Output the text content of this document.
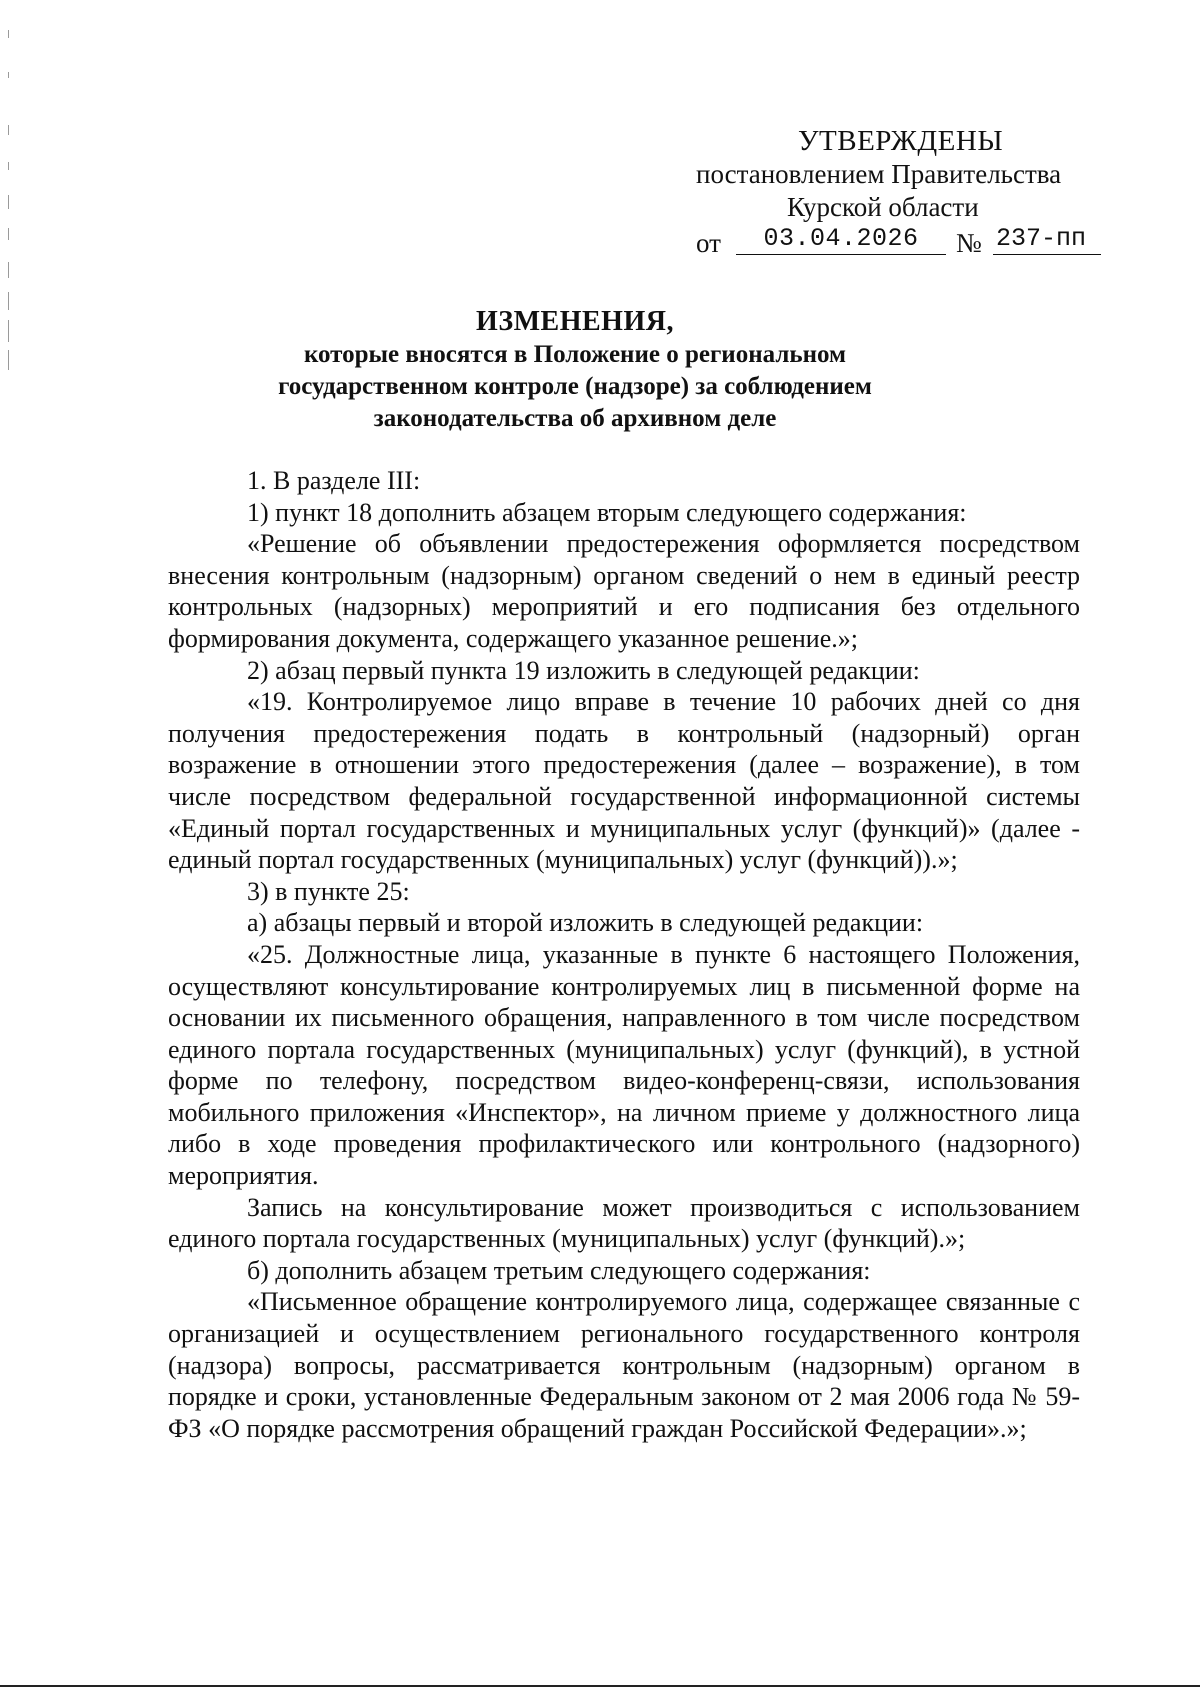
УТВЕРЖДЕНЫ
постановлением Правительства
Курской области
от	03.04.2026	№ 237-пп
ИЗМЕНЕНИЯ,
которые вносятся в Положение о региональном
государственном контроле (надзоре) за соблюдением
законодательства об архивном деле

1. В разделе III:

1) пункт 18 дополнить абзацем вторым следующего содержания:

«Решение об объявлении предостережения оформляется посредством внесения контрольным (надзорным) органом сведений о нем в единый реестр контрольных (надзорных) мероприятий и его подписания без отдельного формирования документа, содержащего указанное решение.»;

2) абзац первый пункта 19 изложить в следующей редакции:

«19. Контролируемое лицо вправе в течение 10 рабочих дней со дня получения предостережения подать в контрольный (надзорный) орган возражение в отношении этого предостережения (далее – возражение), в том числе посредством федеральной государственной информационной системы «Единый портал государственных и муниципальных услуг (функций)» (далее - единый портал государственных (муниципальных) услуг (функций)).»;

3) в пункте 25:

а) абзацы первый и второй изложить в следующей редакции:

«25. Должностные лица, указанные в пункте 6 настоящего Положения, осуществляют консультирование контролируемых лиц в письменной форме на основании их письменного обращения, направленного в том числе посредством единого портала государственных (муниципальных) услуг (функций), в устной форме по телефону, посредством видео-конференц-связи, использования мобильного приложения «Инспектор», на личном приеме у должностного лица либо в ходе проведения профилактического или контрольного (надзорного) мероприятия.

Запись на консультирование может производиться с использованием единого портала государственных (муниципальных) услуг (функций).»;

б) дополнить абзацем третьим следующего содержания:

«Письменное обращение контролируемого лица, содержащее связанные с организацией и осуществлением регионального государственного контроля (надзора) вопросы, рассматривается контрольным (надзорным) органом в порядке и сроки, установленные Федеральным законом от 2 мая 2006 года № 59-ФЗ «О порядке рассмотрения обращений граждан Российской Федерации».»;
